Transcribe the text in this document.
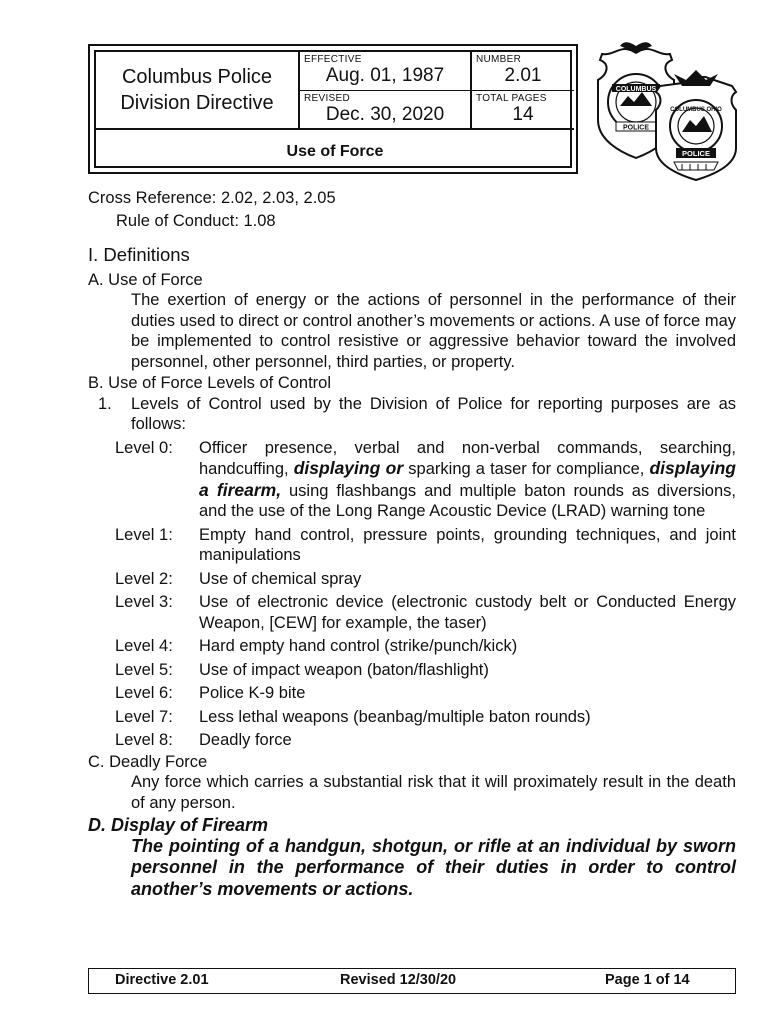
Columbus Police
Division Directive
EFFECTIVE
Aug. 01, 1987
NUMBER
2.01
REVISED
Dec. 30, 2020
TOTAL PAGES
14
Use of Force
COLUMBUS
POLICE
COLUMBUS OHIO
POLICE
Cross Reference: 2.02, 2.03, 2.05
Rule of Conduct: 1.08
I. Definitions
A. Use of Force
The exertion of energy or the actions of personnel in the performance of their duties used to direct or control another’s movements or actions. A use of force may be implemented to control resistive or aggressive behavior toward the involved personnel, other personnel, third parties, or property.
B. Use of Force Levels of Control
1.	Levels of Control used by the Division of Police for reporting purposes are as follows:
Level 0:	Officer presence, verbal and non-verbal commands, searching, handcuffing, displaying or sparking a taser for compliance, displaying a firearm, using flashbangs and multiple baton rounds as diversions, and the use of the Long Range Acoustic Device (LRAD) warning tone
Level 1:	Empty hand control, pressure points, grounding techniques, and joint manipulations
Level 2:	Use of chemical spray
Level 3:	Use of electronic device (electronic custody belt or Conducted Energy Weapon, [CEW] for example, the taser)
Level 4:	Hard empty hand control (strike/punch/kick)
Level 5:	Use of impact weapon (baton/flashlight)
Level 6:	Police K-9 bite
Level 7:	Less lethal weapons (beanbag/multiple baton rounds)
Level 8:	Deadly force
C. Deadly Force
Any force which carries a substantial risk that it will proximately result in the death of any person.
D. Display of Firearm
The pointing of a handgun, shotgun, or rifle at an individual by sworn personnel in the performance of their duties in order to control another’s movements or actions.
Directive 2.01	Revised 12/30/20	Page 1 of 14
